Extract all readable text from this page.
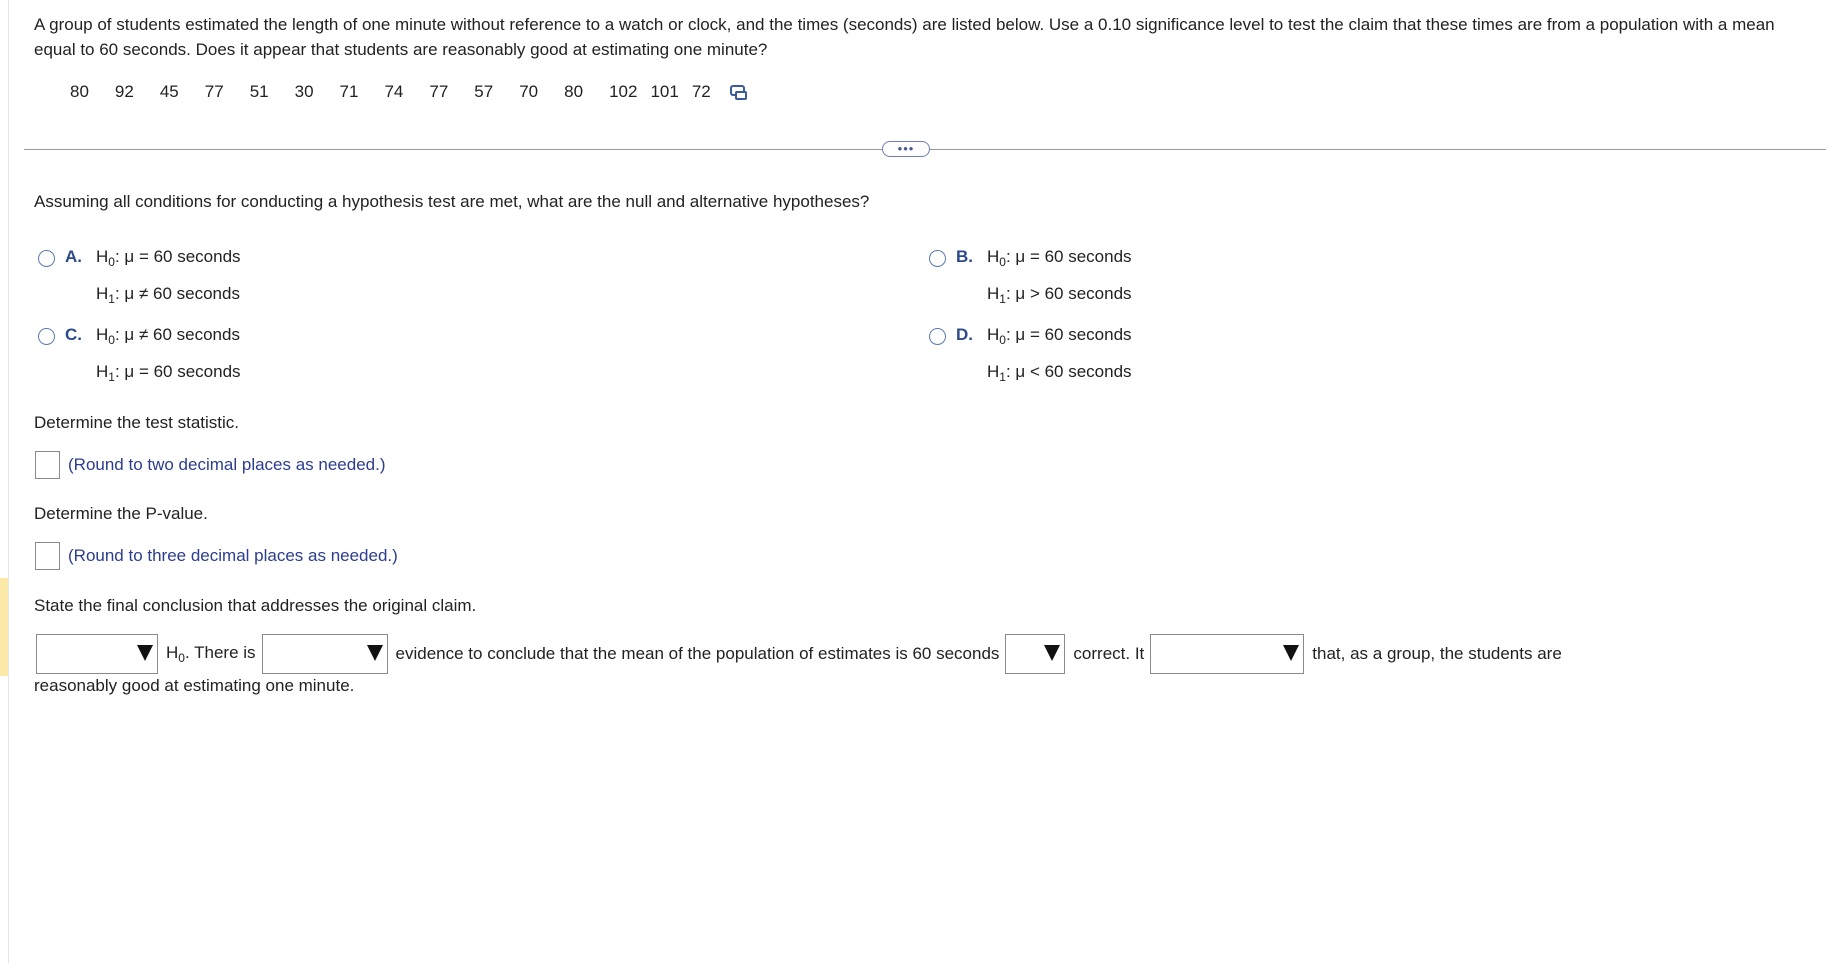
A group of students estimated the length of one minute without reference to a watch or clock, and the times (seconds) are listed below. Use a 0.10 significance level to test the claim that these times are from a population with a mean equal to 60 seconds. Does it appear that students are reasonably good at estimating one minute?
80 92 45 77 51 30 71 74 77 57 70 80 102 101 72
•••
Assuming all conditions for conducting a hypothesis test are met, what are the null and alternative hypotheses?
A. $H_0$: μ = 60 seconds
$H_1$: μ ≠ 60 seconds
B. $H_0$: μ = 60 seconds
$H_1$: μ > 60 seconds
C. $H_0$: μ ≠ 60 seconds
$H_1$: μ = 60 seconds
D. $H_0$: μ = 60 seconds
$H_1$: μ < 60 seconds
Determine the test statistic.
(Round to two decimal places as needed.)
Determine the P-value.
(Round to three decimal places as needed.)
State the final conclusion that addresses the original claim.
$H_0$. There is	evidence to conclude that the mean of the population of estimates is 60 seconds	correct. It	that, as a group, the students are
reasonably good at estimating one minute.
